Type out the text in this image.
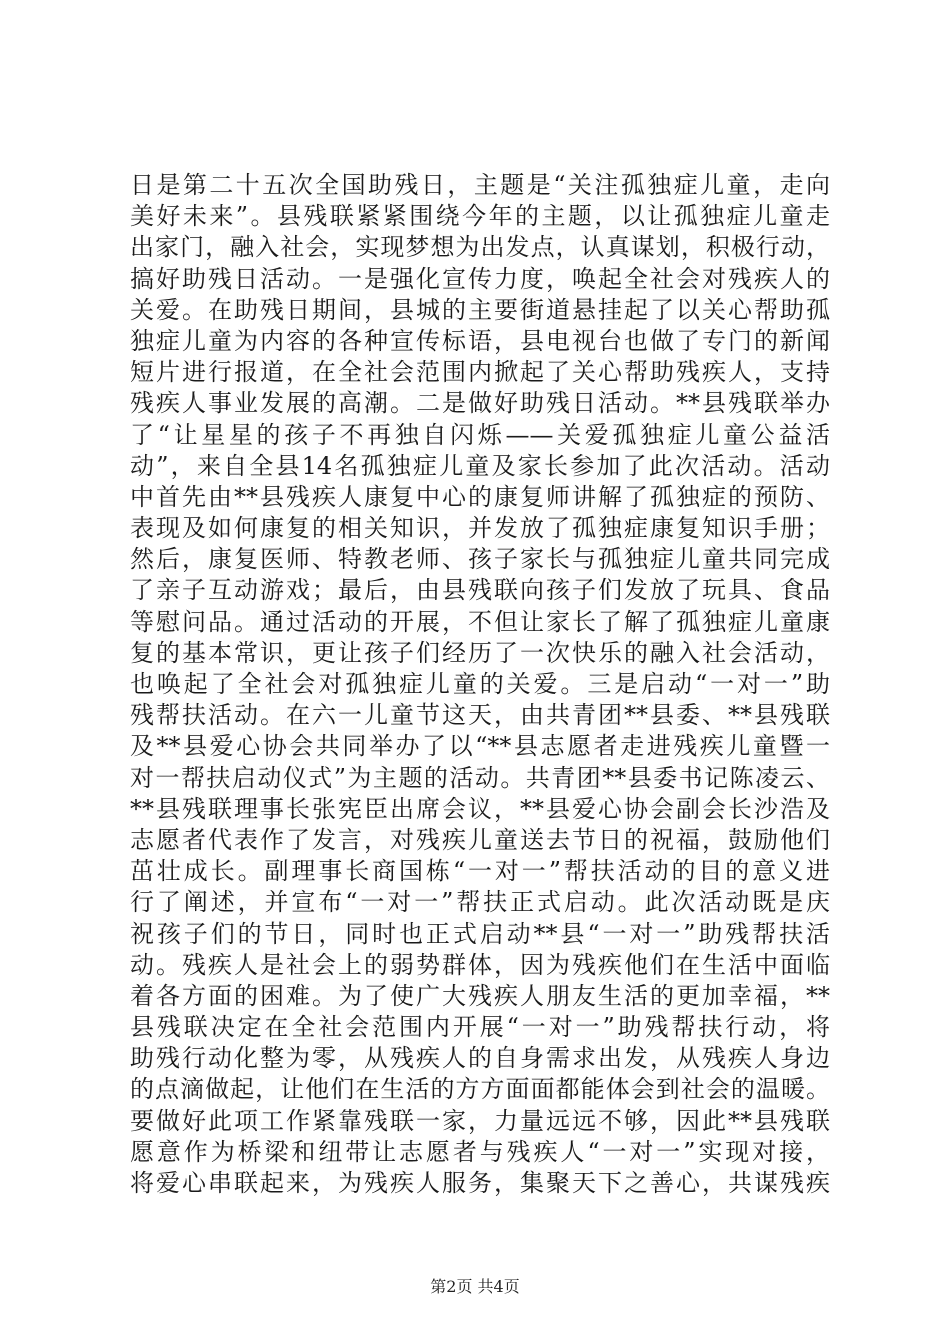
日是第二十五次全国助残日，主题是“关注孤独症儿童，走向
美好未来”。县残联紧紧围绕今年的主题，以让孤独症儿童走
出家门，融入社会，实现梦想为出发点，认真谋划，积极行动，
搞好助残日活动。一是强化宣传力度，唤起全社会对残疾人的
关爱。在助残日期间，县城的主要街道悬挂起了以关心帮助孤
独症儿童为内容的各种宣传标语，县电视台也做了专门的新闻
短片进行报道，在全社会范围内掀起了关心帮助残疾人，支持
残疾人事业发展的高潮。二是做好助残日活动。**县残联举办
了“让星星的孩子不再独自闪烁——关爱孤独症儿童公益活
动”，来自全县14名孤独症儿童及家长参加了此次活动。活动
中首先由**县残疾人康复中心的康复师讲解了孤独症的预防、
表现及如何康复的相关知识，并发放了孤独症康复知识手册；
然后，康复医师、特教老师、孩子家长与孤独症儿童共同完成
了亲子互动游戏；最后，由县残联向孩子们发放了玩具、食品
等慰问品。通过活动的开展，不但让家长了解了孤独症儿童康
复的基本常识，更让孩子们经历了一次快乐的融入社会活动，
也唤起了全社会对孤独症儿童的关爱。三是启动“一对一”助
残帮扶活动。在六一儿童节这天，由共青团**县委、**县残联
及**县爱心协会共同举办了以“**县志愿者走进残疾儿童暨一
对一帮扶启动仪式”为主题的活动。共青团**县委书记陈凌云、
**县残联理事长张宪臣出席会议，**县爱心协会副会长沙浩及
志愿者代表作了发言，对残疾儿童送去节日的祝福，鼓励他们
茁壮成长。副理事长商国栋“一对一”帮扶活动的目的意义进
行了阐述，并宣布“一对一”帮扶正式启动。此次活动既是庆
祝孩子们的节日，同时也正式启动**县“一对一”助残帮扶活
动。残疾人是社会上的弱势群体，因为残疾他们在生活中面临
着各方面的困难。为了使广大残疾人朋友生活的更加幸福，**
县残联决定在全社会范围内开展“一对一”助残帮扶行动，将
助残行动化整为零，从残疾人的自身需求出发，从残疾人身边
的点滴做起，让他们在生活的方方面面都能体会到社会的温暖。
要做好此项工作紧靠残联一家，力量远远不够，因此**县残联
愿意作为桥梁和纽带让志愿者与残疾人“一对一”实现对接，
将爱心串联起来，为残疾人服务，集聚天下之善心，共谋残疾
第2页 共4页
